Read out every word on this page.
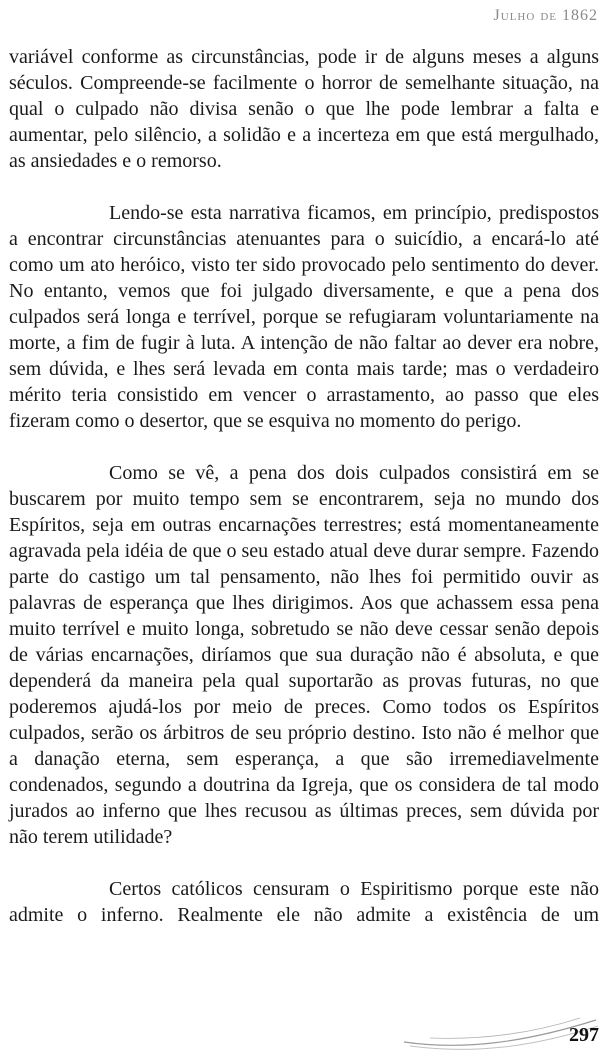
Julho de 1862

variável conforme as circunstâncias, pode ir de alguns meses a alguns séculos. Compreende-se facilmente o horror de semelhante situação, na qual o culpado não divisa senão o que lhe pode lembrar a falta e aumentar, pelo silêncio, a solidão e a incerteza em que está mergulhado, as ansiedades e o remorso.

Lendo-se esta narrativa ficamos, em princípio, predispostos a encontrar circunstâncias atenuantes para o suicídio, a encará-lo até como um ato heróico, visto ter sido provocado pelo sentimento do dever. No entanto, vemos que foi julgado diversamente, e que a pena dos culpados será longa e terrível, porque se refugiaram voluntariamente na morte, a fim de fugir à luta. A intenção de não faltar ao dever era nobre, sem dúvida, e lhes será levada em conta mais tarde; mas o verdadeiro mérito teria consistido em vencer o arrastamento, ao passo que eles fizeram como o desertor, que se esquiva no momento do perigo.

Como se vê, a pena dos dois culpados consistirá em se buscarem por muito tempo sem se encontrarem, seja no mundo dos Espíritos, seja em outras encarnações terrestres; está momentaneamente agravada pela idéia de que o seu estado atual deve durar sempre. Fazendo parte do castigo um tal pensamento, não lhes foi permitido ouvir as palavras de esperança que lhes dirigimos. Aos que achassem essa pena muito terrível e muito longa, sobretudo se não deve cessar senão depois de várias encarnações, diríamos que sua duração não é absoluta, e que dependerá da maneira pela qual suportarão as provas futuras, no que poderemos ajudá-los por meio de preces. Como todos os Espíritos culpados, serão os árbitros de seu próprio destino. Isto não é melhor que a danação eterna, sem esperança, a que são irremediavelmente condenados, segundo a doutrina da Igreja, que os considera de tal modo jurados ao inferno que lhes recusou as últimas preces, sem dúvida por não terem utilidade?

Certos católicos censuram o Espiritismo porque este não admite o inferno. Realmente ele não admite a existência de um

297
